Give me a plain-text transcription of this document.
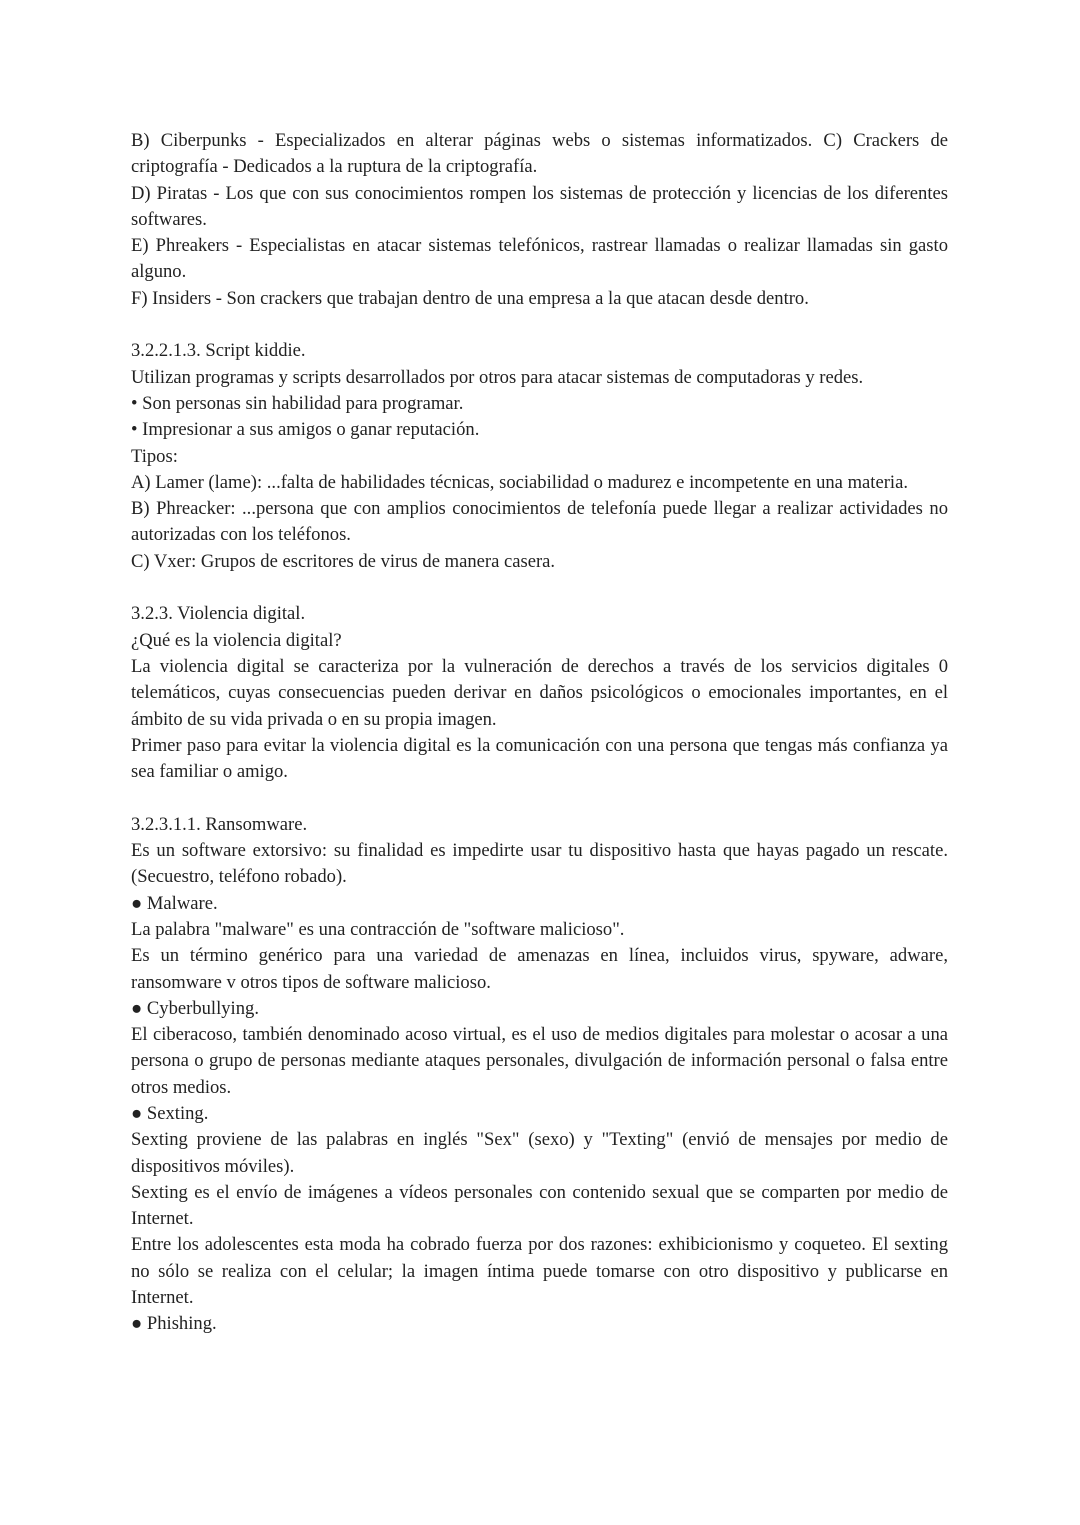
B) Ciberpunks - Especializados en alterar páginas webs o sistemas informatizados. C) Crackers de criptografía - Dedicados a la ruptura de la criptografía.

D) Piratas - Los que con sus conocimientos rompen los sistemas de protección y licencias de los diferentes softwares.

E) Phreakers - Especialistas en atacar sistemas telefónicos, rastrear llamadas o realizar llamadas sin gasto alguno.

F) Insiders - Son crackers que trabajan dentro de una empresa a la que atacan desde dentro.

3.2.2.1.3. Script kiddie.

Utilizan programas y scripts desarrollados por otros para atacar sistemas de computadoras y redes.

• Son personas sin habilidad para programar.

• Impresionar a sus amigos o ganar reputación.

Tipos:

A) Lamer (lame): ...falta de habilidades técnicas, sociabilidad o madurez e incompetente en una materia.

B) Phreacker: ...persona que con amplios conocimientos de telefonía puede llegar a realizar actividades no autorizadas con los teléfonos.

C) Vxer: Grupos de escritores de virus de manera casera.

3.2.3. Violencia digital.

¿Qué es la violencia digital?

La violencia digital se caracteriza por la vulneración de derechos a través de los servicios digitales 0 telemáticos, cuyas consecuencias pueden derivar en daños psicológicos o emocionales importantes, en el ámbito de su vida privada o en su propia imagen.

Primer paso para evitar la violencia digital es la comunicación con una persona que tengas más confianza ya sea familiar o amigo.

3.2.3.1.1. Ransomware.

Es un software extorsivo: su finalidad es impedirte usar tu dispositivo hasta que hayas pagado un rescate. (Secuestro, teléfono robado).

● Malware.

La palabra "malware" es una contracción de "software malicioso".

Es un término genérico para una variedad de amenazas en línea, incluidos virus, spyware, adware, ransomware v otros tipos de software malicioso.

● Cyberbullying.

El ciberacoso, también denominado acoso virtual, es el uso de medios digitales para molestar o acosar a una persona o grupo de personas mediante ataques personales, divulgación de información personal o falsa entre otros medios.

● Sexting.

Sexting proviene de las palabras en inglés "Sex" (sexo) y "Texting" (envió de mensajes por medio de dispositivos móviles).

Sexting es el envío de imágenes a vídeos personales con contenido sexual que se comparten por medio de Internet.

Entre los adolescentes esta moda ha cobrado fuerza por dos razones: exhibicionismo y coqueteo. El sexting no sólo se realiza con el celular; la imagen íntima puede tomarse con otro dispositivo y publicarse en Internet.

● Phishing.
